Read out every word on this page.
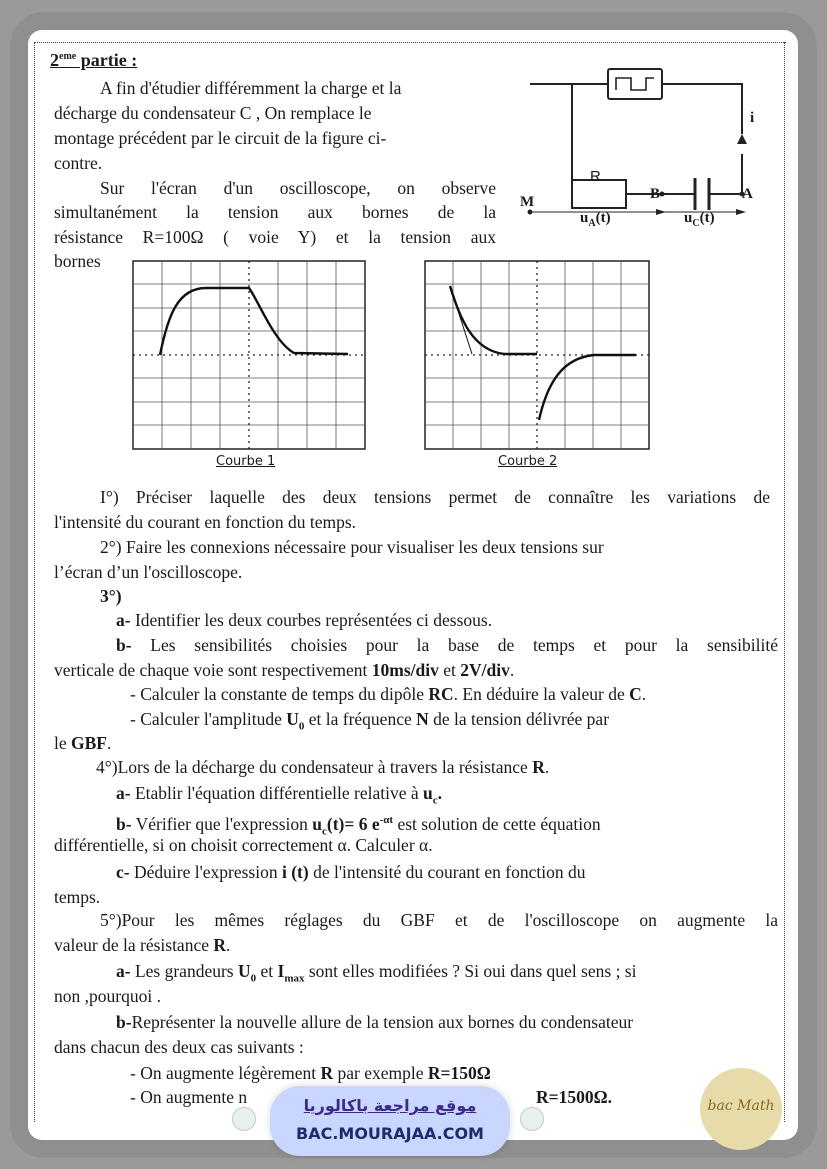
2eme partie :
A fin d'étudier différemment la charge et la
décharge du condensateur C , On remplace le
montage précédent par le circuit de la figure ci-
contre.
Sur l'écran d'un oscilloscope, on observe
simultanément la tension aux bornes de la
résistance R=100Ω ( voie Y) et la tension aux
bornes
R
i
M	B	A
$u_A(t)$	$u_C(t)$
Courbe 1	Courbe 2
I°) Préciser laquelle des deux tensions permet de connaître les variations de
l'intensité du courant en fonction du temps.
2°) Faire les connexions nécessaire pour visualiser les deux tensions sur
l’écran d’un l'oscilloscope.
3°)
a- Identifier les deux courbes représentées ci dessous.
b- Les sensibilités choisies pour la base de temps et pour la sensibilité
verticale de chaque voie sont respectivement 10ms/div et 2V/div.
- Calculer la constante de temps du dipôle RC. En déduire la valeur de C.
- Calculer l'amplitude $U_0$ et la fréquence N de la tension délivrée par
le GBF.
4°)Lors de la décharge du condensateur à travers la résistance R.
a- Etablir l'équation différentielle relative à $u_c$.
b- Vérifier que l'expression $u_c(t)= 6$ $e^{-\alpha t}$ est solution de cette équation
différentielle, si on choisit correctement α. Calculer α.
c- Déduire l'expression i (t) de l'intensité du courant en fonction du
temps.
5°)Pour les mêmes réglages du GBF et de l'oscilloscope on augmente la
valeur de la résistance R.
a- Les grandeurs $U_0$ et $I_{max}$ sont elles modifiées ? Si oui dans quel sens ; si
non ,pourquoi .
b-Représenter la nouvelle allure de la tension aux bornes du condensateur
dans chacun des deux cas suivants :
- On augmente légèrement R par exemple R=150Ω
- On augmente n	R=1500Ω.
موقع مراجعة باكالوريا
BAC.MOURAJAA.COM
bac Math
